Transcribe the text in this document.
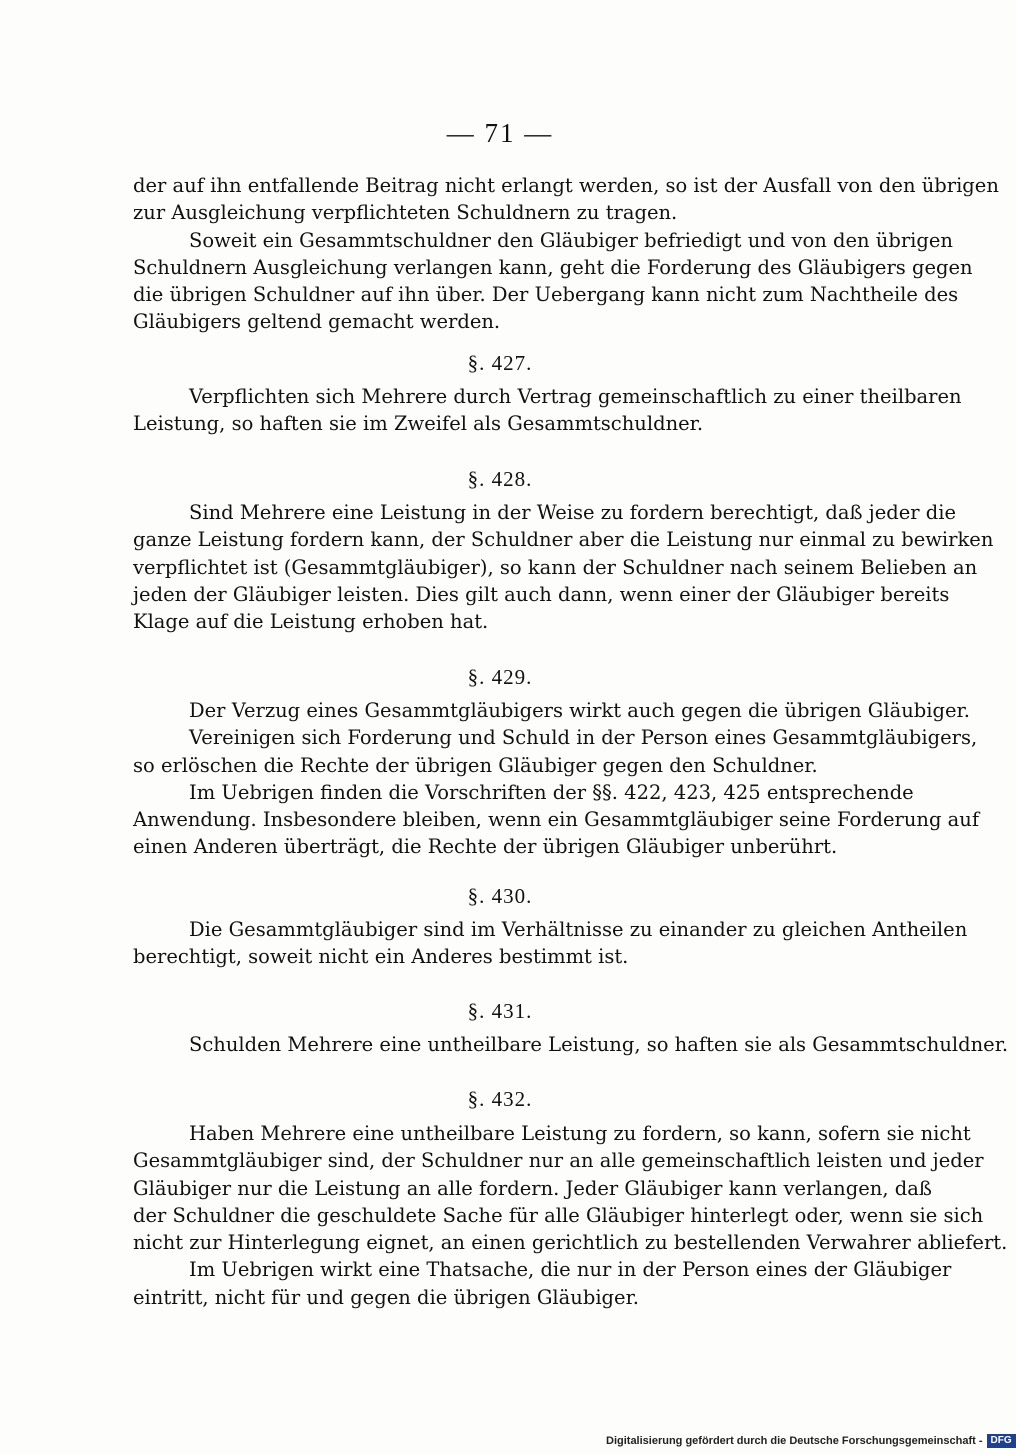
— 71 —
der auf ihn entfallende Beitrag nicht erlangt werden, so ist der Ausfall von den übrigen
zur Ausgleichung verpflichteten Schuldnern zu tragen.
Soweit ein Gesammtschuldner den Gläubiger befriedigt und von den übrigen
Schuldnern Ausgleichung verlangen kann, geht die Forderung des Gläubigers gegen
die übrigen Schuldner auf ihn über. Der Uebergang kann nicht zum Nachtheile des
Gläubigers geltend gemacht werden.
§. 427.
Verpflichten sich Mehrere durch Vertrag gemeinschaftlich zu einer theilbaren
Leistung, so haften sie im Zweifel als Gesammtschuldner.
§. 428.
Sind Mehrere eine Leistung in der Weise zu fordern berechtigt, daß jeder die
ganze Leistung fordern kann, der Schuldner aber die Leistung nur einmal zu bewirken
verpflichtet ist (Gesammtgläubiger), so kann der Schuldner nach seinem Belieben an
jeden der Gläubiger leisten. Dies gilt auch dann, wenn einer der Gläubiger bereits
Klage auf die Leistung erhoben hat.
§. 429.
Der Verzug eines Gesammtgläubigers wirkt auch gegen die übrigen Gläubiger.
Vereinigen sich Forderung und Schuld in der Person eines Gesammtgläubigers,
so erlöschen die Rechte der übrigen Gläubiger gegen den Schuldner.
Im Uebrigen finden die Vorschriften der §§. 422, 423, 425 entsprechende
Anwendung. Insbesondere bleiben, wenn ein Gesammtgläubiger seine Forderung auf
einen Anderen überträgt, die Rechte der übrigen Gläubiger unberührt.
§. 430.
Die Gesammtgläubiger sind im Verhältnisse zu einander zu gleichen Antheilen
berechtigt, soweit nicht ein Anderes bestimmt ist.
§. 431.
Schulden Mehrere eine untheilbare Leistung, so haften sie als Gesammtschuldner.
§. 432.
Haben Mehrere eine untheilbare Leistung zu fordern, so kann, sofern sie nicht
Gesammtgläubiger sind, der Schuldner nur an alle gemeinschaftlich leisten und jeder
Gläubiger nur die Leistung an alle fordern. Jeder Gläubiger kann verlangen, daß
der Schuldner die geschuldete Sache für alle Gläubiger hinterlegt oder, wenn sie sich
nicht zur Hinterlegung eignet, an einen gerichtlich zu bestellenden Verwahrer abliefert.
Im Uebrigen wirkt eine Thatsache, die nur in der Person eines der Gläubiger
eintritt, nicht für und gegen die übrigen Gläubiger.
Digitalisierung gefördert durch die Deutsche Forschungsgemeinschaft - DFG
